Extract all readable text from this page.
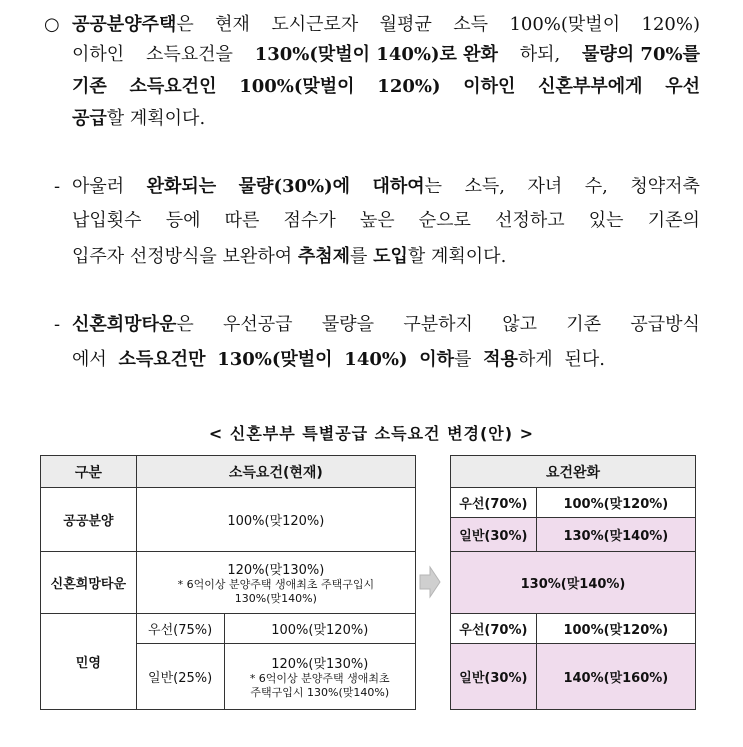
○ 공공분양주택은 현재 도시근로자 월평균 소득 100%(맞벌이 120%)
이하인 소득요건을 130%(맞벌이 140%)로 완화 하되, 물량의 70%를
기존 소득요건인 100%(맞벌이 120%) 이하인 신혼부부에게 우선
공급할 계획이다.
- 아울러 완화되는 물량(30%)에 대하여는 소득, 자녀 수, 청약저축
납입횟수 등에 따른 점수가 높은 순으로 선정하고 있는 기존의
입주자 선정방식을 보완하여 추첨제를 도입할 계획이다.
- 신혼희망타운은 우선공급 물량을 구분하지 않고 기존 공급방식
에서 소득요건만 130%(맞벌이 140%) 이하를 적용하게 된다.
< 신혼부부 특별공급 소득요건 변경(안) >
구분	소득요건(현재)	
공공분양	100%(맞120%)	
신혼희망타운	120%(맞130%)
* 6억이상 분양주택 생애최초 주택구입시
130%(맞140%)	

민영	우선(75%)	100%(맞120%)
	일반(25%)	120%(맞130%)
* 6억이상 분양주택 생애최초
주택구입시 130%(맞140%)
요건완화	
우선(70%)	100%(맞120%)
일반(30%)	130%(맞140%)
130%(맞140%)	
우선(70%)	100%(맞120%)
일반(30%)	140%(맞160%)
